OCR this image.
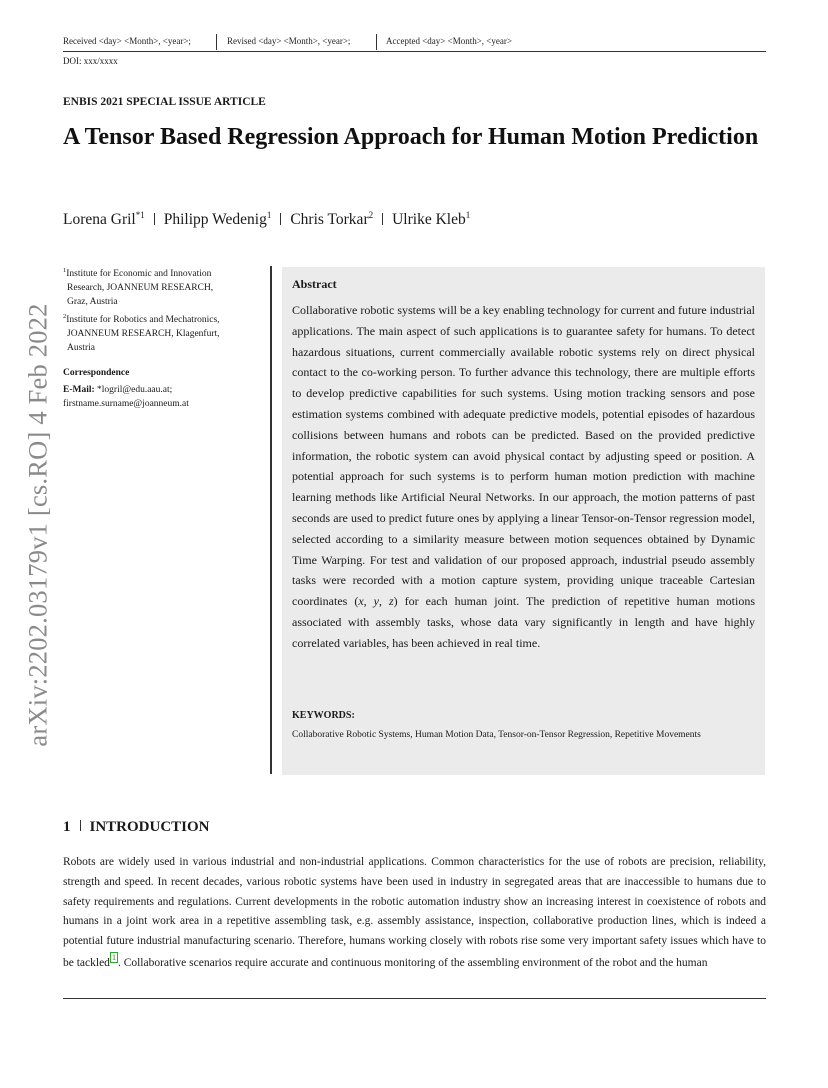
Received <day> <Month>, <year>;	Revised <day> <Month>, <year>;	Accepted <day> <Month>, <year>
DOI: xxx/xxxx
ENBIS 2021 SPECIAL ISSUE ARTICLE
A Tensor Based Regression Approach for Human Motion Prediction
Lorena Gril$^{*1}$ Philipp Wedenig$^1$ Chris Torkar$^2$ Ulrike Kleb$^1$
arXiv:2202.03179v1 [cs.RO] 4 Feb 2022
$^1$Institute for Economic and Innovation
Research, JOANNEUM RESEARCH,
Graz, Austria
$^2$Institute for Robotics and Mechatronics,
JOANNEUM RESEARCH, Klagenfurt,
Austria
Correspondence
E-Mail: *logril@edu.aau.at;
firstname.surname@joanneum.at
Abstract
Collaborative robotic systems will be a key enabling technology for current and future industrial applications. The main aspect of such applications is to guarantee safety for humans. To detect hazardous situations, current commercially available robotic systems rely on direct physical contact to the co-working person. To further advance this technology, there are multiple efforts to develop predictive capabilities for such systems. Using motion tracking sensors and pose estimation systems combined with adequate predictive models, potential episodes of hazardous collisions between humans and robots can be predicted. Based on the provided predictive information, the robotic system can avoid physical contact by adjusting speed or position. A potential approach for such systems is to perform human motion prediction with machine learning methods like Artificial Neural Networks. In our approach, the motion patterns of past seconds are used to predict future ones by applying a linear Tensor-on-Tensor regression model, selected according to a similarity measure between motion sequences obtained by Dynamic Time Warping. For test and validation of our proposed approach, industrial pseudo assembly tasks were recorded with a motion capture system, providing unique traceable Cartesian coordinates (x, y, z) for each human joint. The prediction of repetitive human motions associated with assembly tasks, whose data vary significantly in length and have highly correlated variables, has been achieved in real time.
KEYWORDS:
Collaborative Robotic Systems, Human Motion Data, Tensor-on-Tensor Regression, Repetitive Movements
1 INTRODUCTION
Robots are widely used in various industrial and non-industrial applications. Common characteristics for the use of robots are precision, reliability, strength and speed. In recent decades, various robotic systems have been used in industry in segregated areas that are inaccessible to humans due to safety requirements and regulations. Current developments in the robotic automation industry show an increasing interest in coexistence of robots and humans in a joint work area in a repetitive assembling task, e.g. assembly assistance, inspection, collaborative production lines, which is indeed a potential future industrial manufacturing scenario. Therefore, humans working closely with robots rise some very important safety issues which have to be tackled 1 . Collaborative scenarios require accurate and continuous monitoring of the assembling environment of the robot and the human
